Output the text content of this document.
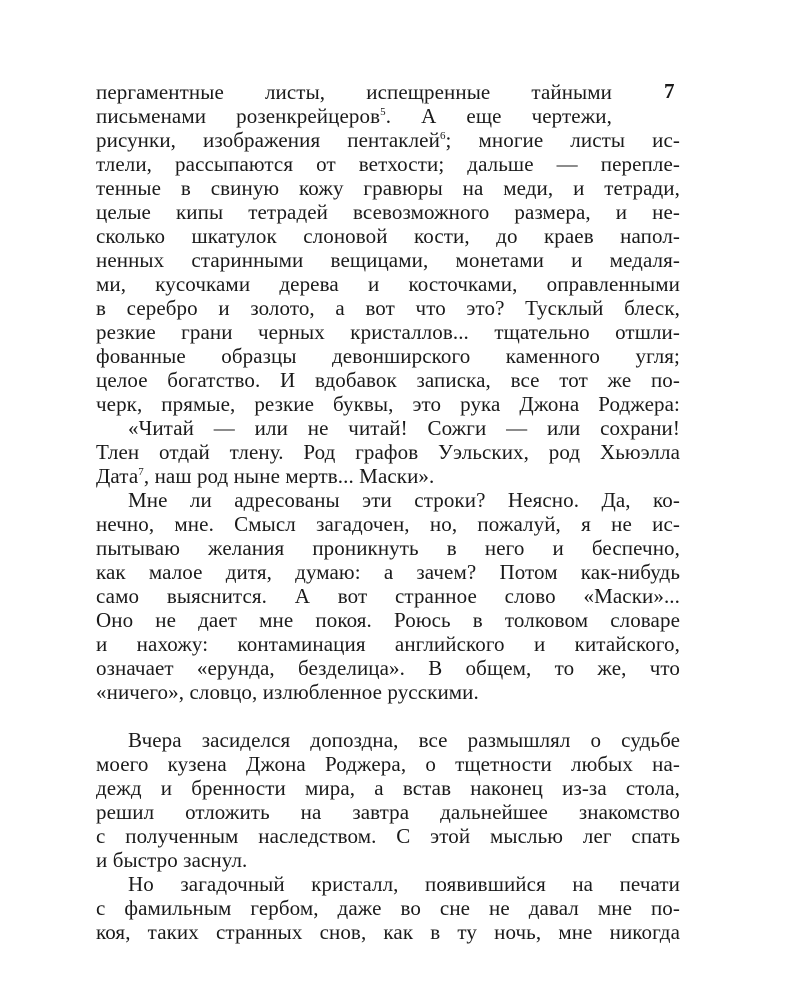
7
пергаментные листы, испещренные тайными
письменами розенкрейцеров$^5$. А еще чертежи,
рисунки, изображения пентаклей$^6$; многие листы ис-
тлели, рассыпаются от ветхости; дальше — перепле-
тенные в свиную кожу гравюры на меди, и тетради,
целые кипы тетрадей всевозможного размера, и не-
сколько шкатулок слоновой кости, до краев напол-
ненных старинными вещицами, монетами и медаля-
ми, кусочками дерева и косточками, оправленными
в серебро и золото, а вот что это? Тусклый блеск,
резкие грани черных кристаллов... тщательно отшли-
фованные образцы девонширского каменного угля;
целое богатство. И вдобавок записка, все тот же по-
черк, прямые, резкие буквы, это рука Джона Роджера:
«Читай — или не читай! Сожги — или сохрани!
Тлен отдай тлену. Род графов Уэльских, род Хьюэлла
Дата$^7$, наш род ныне мертв... Маски».
Мне ли адресованы эти строки? Неясно. Да, ко-
нечно, мне. Смысл загадочен, но, пожалуй, я не ис-
пытываю желания проникнуть в него и беспечно,
как малое дитя, думаю: а зачем? Потом как-нибудь
само выяснится. А вот странное слово «Маски»...
Оно не дает мне покоя. Роюсь в толковом словаре
и нахожу: контаминация английского и китайского,
означает «ерунда, безделица». В общем, то же, что
«ничего», словцо, излюбленное русскими.
Вчера засиделся допоздна, все размышлял о судьбе
моего кузена Джона Роджера, о тщетности любых на-
дежд и бренности мира, а встав наконец из-за стола,
решил отложить на завтра дальнейшее знакомство
с полученным наследством. С этой мыслью лег спать
и быстро заснул.
Но загадочный кристалл, появившийся на печати
с фамильным гербом, даже во сне не давал мне по-
коя, таких странных снов, как в ту ночь, мне никогда
